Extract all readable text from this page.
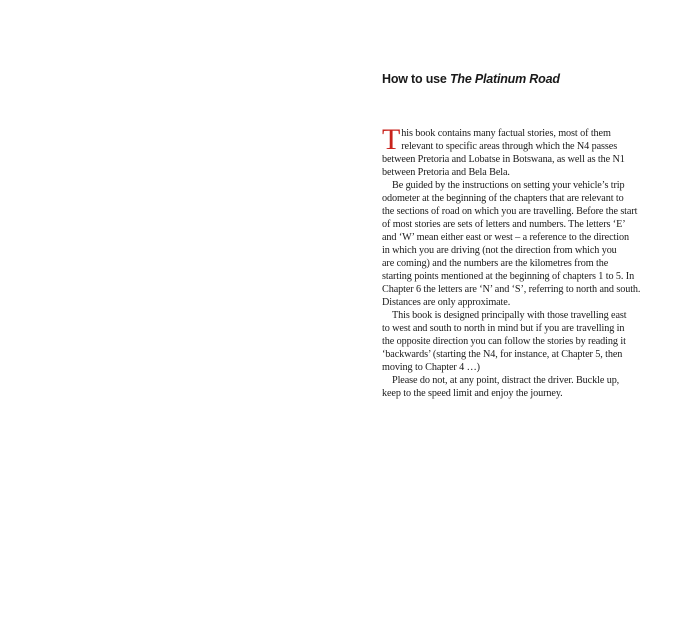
How to use The Platinum Road
T his book contains many factual stories, most of them
relevant to specific areas through which the N4 passes
between Pretoria and Lobatse in Botswana, as well as the N1
between Pretoria and Bela Bela.
Be guided by the instructions on setting your vehicle’s trip
odometer at the beginning of the chapters that are relevant to
the sections of road on which you are travelling. Before the start
of most stories are sets of letters and numbers. The letters ‘E’
and ‘W’ mean either east or west – a reference to the direction
in which you are driving (not the direction from which you
are coming) and the numbers are the kilometres from the
starting points mentioned at the beginning of chapters 1 to 5. In
Chapter 6 the letters are ‘N’ and ‘S’, referring to north and south.
Distances are only approximate.
This book is designed principally with those travelling east
to west and south to north in mind but if you are travelling in
the opposite direction you can follow the stories by reading it
‘backwards’ (starting the N4, for instance, at Chapter 5, then
moving to Chapter 4 …)
Please do not, at any point, distract the driver. Buckle up,
keep to the speed limit and enjoy the journey.
